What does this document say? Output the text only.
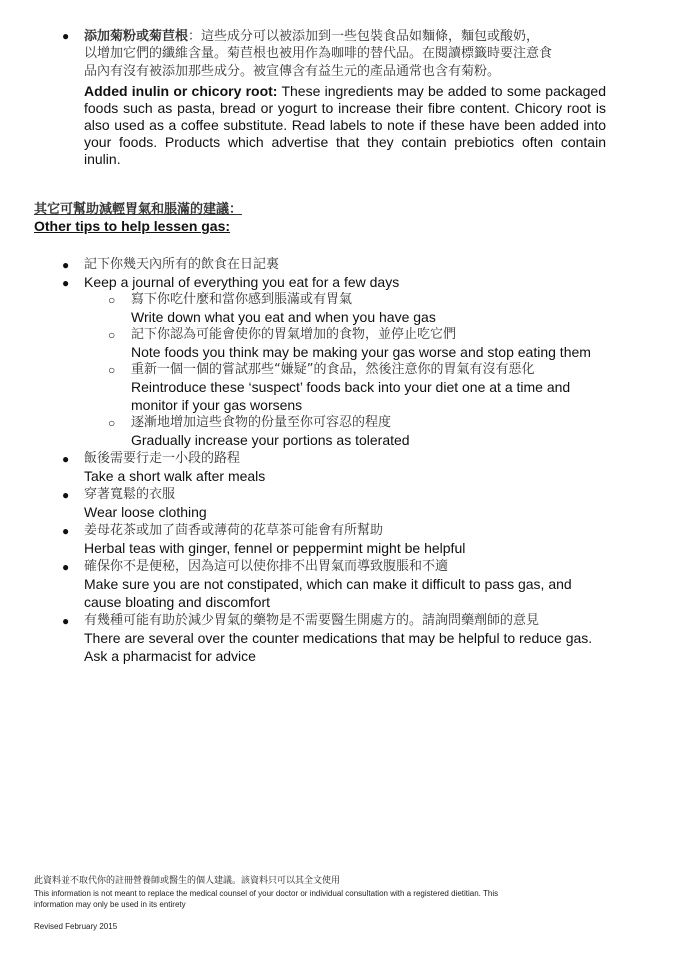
● 添加菊粉或菊苣根：這些成分可以被添加到一些包裝食品如麵條，麵包或酸奶，
以增加它們的纖維含量。菊苣根也被用作為咖啡的替代品。在閱讀標籤時要注意食
品內有沒有被添加那些成分。被宣傳含有益生元的產品通常也含有菊粉。
Added inulin or chicory root: These ingredients may be added to some packaged foods such as pasta, bread or yogurt to increase their fibre content. Chicory root is also used as a coffee substitute. Read labels to note if these have been added into your foods. Products which advertise that they contain prebiotics often contain inulin.
其它可幫助減輕胃氣和脹滿的建議：
Other tips to help lessen gas:
● 記下你幾天內所有的飲食在日記裏
● Keep a journal of everything you eat for a few days
○ 寫下你吃什麼和當你感到脹滿或有胃氣
Write down what you eat and when you have gas
○ 記下你認為可能會使你的胃氣增加的食物，並停止吃它們
Note foods you think may be making your gas worse and stop eating them
○ 重新一個一個的嘗試那些“嫌疑”的食品，然後注意你的胃氣有沒有惡化
Reintroduce these ‘suspect’ foods back into your diet one at a time and
monitor if your gas worsens
○ 逐漸地增加這些食物的份量至你可容忍的程度
Gradually increase your portions as tolerated
● 飯後需要行走一小段的路程
Take a short walk after meals
● 穿著寬鬆的衣服
Wear loose clothing
● 姜母花茶或加了茴香或薄荷的花草茶可能會有所幫助
Herbal teas with ginger, fennel or peppermint might be helpful
● 確保你不是便秘，因為這可以使你排不出胃氣而導致腹脹和不適
Make sure you are not constipated, which can make it difficult to pass gas, and
cause bloating and discomfort
● 有幾種可能有助於減少胃氣的藥物是不需要醫生開處方的。請詢問藥劑師的意見
There are several over the counter medications that may be helpful to reduce gas.
Ask a pharmacist for advice
此資料並不取代你的註冊營養師或醫生的個人建議。該資料只可以其全文使用
This information is not meant to replace the medical counsel of your doctor or individual consultation with a registered dietitian. This
information may only be used in its entirety
Revised February 2015
